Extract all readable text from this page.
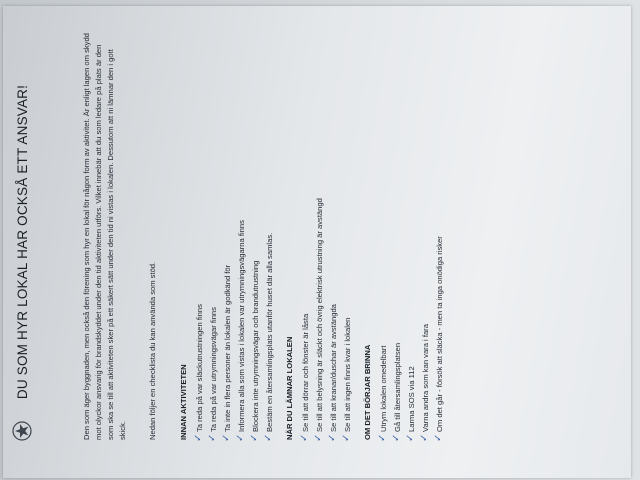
DU SOM HYR LOKAL HAR OCKSÅ ETT ANSVAR!	Den som äger byggnaden, men också den förening som hyr en lokal för någon form av aktivitet. Är enligt lagen om skydd mot olyckor ansvarig för brandskyddet under den tid aktiviteten utförs. Vilket innebär att du som ledare på plats är den som ska se till att aktiviteten sker på ett säkert sätt under den tid ni vistas i lokalen. Dessutom att ni lämnar den i gott skick.	Nedan följer en checklista du kan använda som stöd.	INNAN AKTIVITETEN ✓
Ta reda på var släckutrustningen finns
✓
Ta reda på var utrymningsvägar finns
✓
Ta inte in flera personer än lokalen är godkänd för
✓
Informera alla som vistas i lokalen var utrymningsvägarna finns
✓
Blockera inte utrymningsvägar och brandutrustning
✓
Bestäm en återsamlingsplats utanför huset där alla samlas. NÄR DU LÄMNAR LOKALEN ✓
Se till att dörrar och fönster är låsta
✓
Se till att belysning är släckt och övrig elektrisk utrustning är avstängd
✓
Se till att kranar/duschar är avstängda
✓
Se till att ingen finns kvar i lokalen OM DET BÖRJAR BRINNA ✓
Utrym lokalen omedelbart
✓
Gå till återsamlingsplatsen
✓
Larma SOS via 112
✓
Varna andra som kan vara i fara
✓
Om det går - försök att släcka - men ta inga onödiga risker
